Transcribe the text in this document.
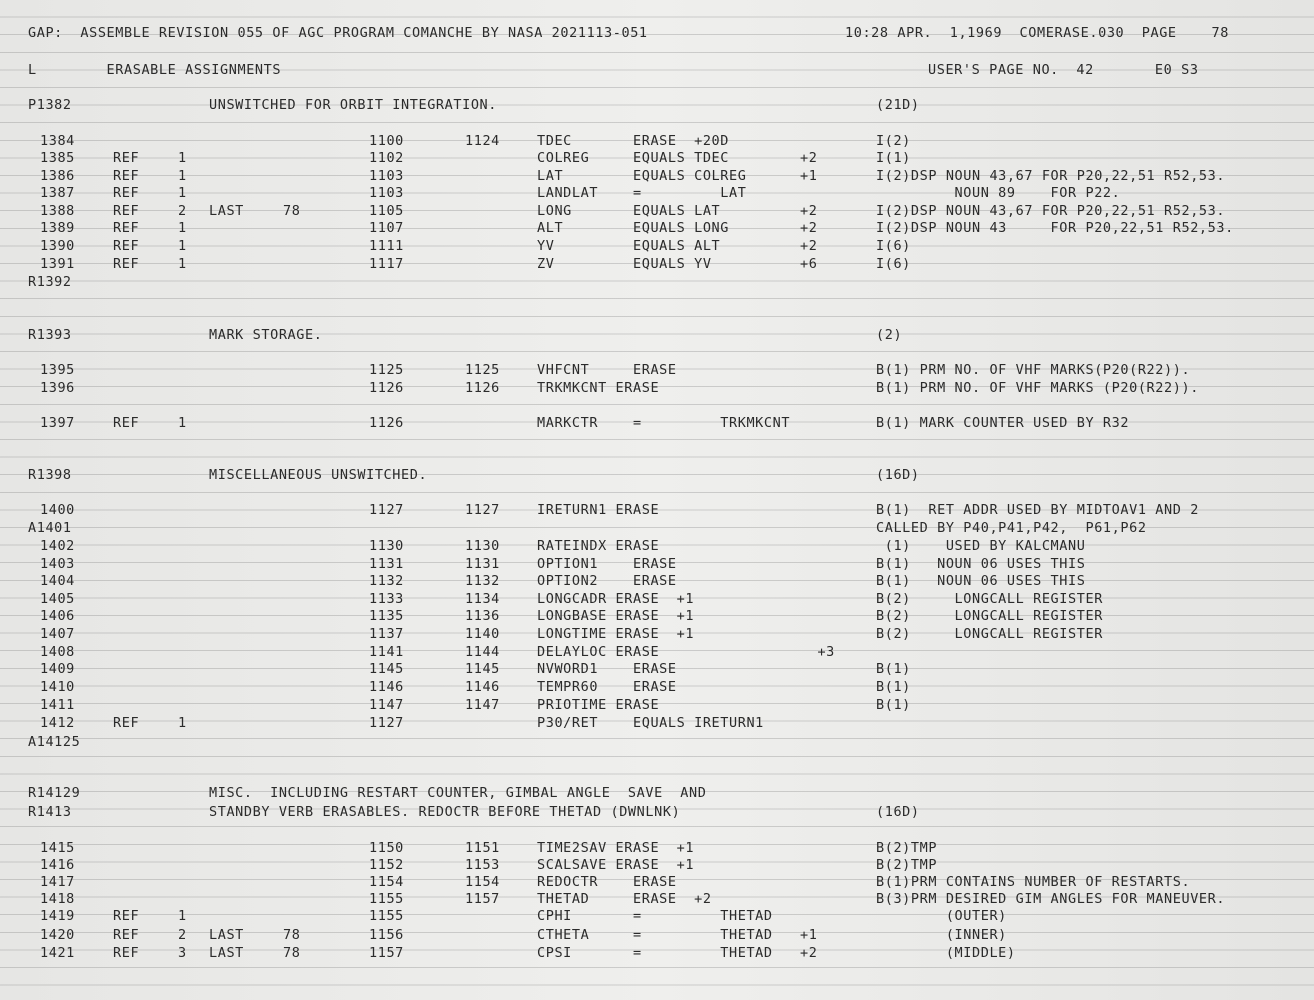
GAP:  ASSEMBLE REVISION 055 OF AGC PROGRAM COMANCHE BY NASA 2021113-051

	10:28 APR.  1,1969  COMERASE.030  PAGE    78

L        ERASABLE ASSIGNMENTS

	USER'S PAGE NO.  42       E0 S3

P1382	UNSWITCHED FOR ORBIT INTEGRATION.	(21D)
1384	1100	1124	TDEC	ERASE  +20D	I(2)
1385	REF	1	1102	COLREG	EQUALS TDEC	+2	I(1)
1386	REF	1	1103	LAT	EQUALS COLREG	+1	I(2)DSP NOUN 43,67 FOR P20,22,51 R52,53.
1387	REF	1	1103	LANDLAT	=         LAT	NOUN 89    FOR P22.
1388	REF	2 LAST	78	1105	LONG	EQUALS LAT	+2	I(2)DSP NOUN 43,67 FOR P20,22,51 R52,53.
1389	REF	1	1107	ALT	EQUALS LONG	+2	I(2)DSP NOUN 43     FOR P20,22,51 R52,53.
1390	REF	1	1111	YV	EQUALS ALT	+2	I(6)
1391	REF	1	1117	ZV	EQUALS YV	+6	I(6)
R1392
R1393	MARK STORAGE.	(2)
1395	1125	1125	VHFCNT	ERASE	B(1) PRM NO. OF VHF MARKS(P20(R22)).
1396	1126	1126	TRKMKCNT ERASE	B(1) PRM NO. OF VHF MARKS (P20(R22)).
1397	REF	1	1126	MARKCTR	=         TRKMKCNT	B(1) MARK COUNTER USED BY R32
R1398	MISCELLANEOUS UNSWITCHED.	(16D)
1400	1127	1127	IRETURN1 ERASE	B(1)  RET ADDR USED BY MIDTOAV1 AND 2
A1401	CALLED BY P40,P41,P42,  P61,P62
1402	1130	1130	RATEINDX ERASE	(1)    USED BY KALCMANU
1403	1131	1131	OPTION1	ERASE	B(1)   NOUN 06 USES THIS
1404	1132	1132	OPTION2	ERASE	B(1)   NOUN 06 USES THIS
1405	1133	1134	LONGCADR ERASE  +1	B(2)     LONGCALL REGISTER
1406	1135	1136	LONGBASE ERASE  +1	B(2)     LONGCALL REGISTER
1407	1137	1140	LONGTIME ERASE  +1	B(2)     LONGCALL REGISTER
1408	1141	1144	DELAYLOC ERASE	+3
1409	1145	1145	NVWORD1	ERASE	B(1)
1410	1146	1146	TEMPR60	ERASE	B(1)
1411	1147	1147	PRIOTIME ERASE	B(1)
1412	REF	1	1127	P30/RET	EQUALS IRETURN1
A14125
R14129	MISC.  INCLUDING RESTART COUNTER, GIMBAL ANGLE  SAVE  AND
R1413	STANDBY VERB ERASABLES. REDOCTR BEFORE THETAD (DWNLNK)	(16D)
1415	1150	1151	TIME2SAV ERASE  +1	B(2)TMP
1416	1152	1153	SCALSAVE ERASE  +1	B(2)TMP
1417	1154	1154	REDOCTR	ERASE	B(1)PRM CONTAINS NUMBER OF RESTARTS.
1418	1155	1157	THETAD	ERASE  +2	B(3)PRM DESIRED GIM ANGLES FOR MANEUVER.
1419	REF	1	1155	CPHI	=         THETAD	(OUTER)
1420	REF	2 LAST	78	1156	CTHETA	=         THETAD +1	(INNER)
1421	REF	3 LAST	78	1157	CPSI	=         THETAD +2	(MIDDLE)
